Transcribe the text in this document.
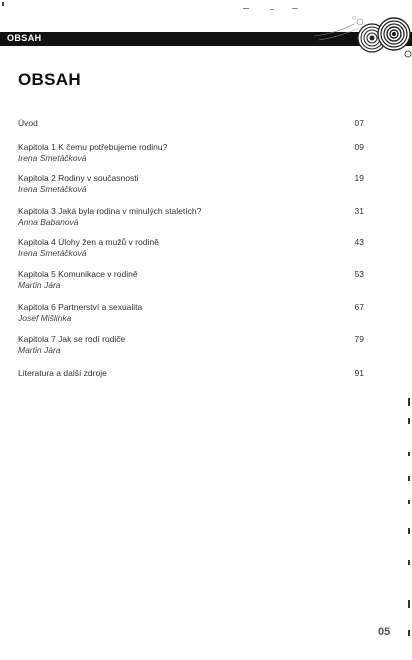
OBSAH
OBSAH
Úvod	07
Kapitola 1 K čemu potřebujeme rodinu?
Irena Smetáčková
09
Kapitola 2 Rodiny v současnosti
Irena Smetáčková
19
Kapitola 3 Jaká byla rodina v minulých staletích?
Anna Babanová
31
Kapitola 4 Úlohy žen a mužů v rodině
Irena Smetáčková
43
Kapitola 5 Komunikace v rodině
Martin Jára
53
Kapitola 6 Partnerství a sexualita
Josef Mišlinka
67
Kapitola 7 Jak se rodí rodiče
Martin Jára
79
Literatura a další zdroje	91
05
